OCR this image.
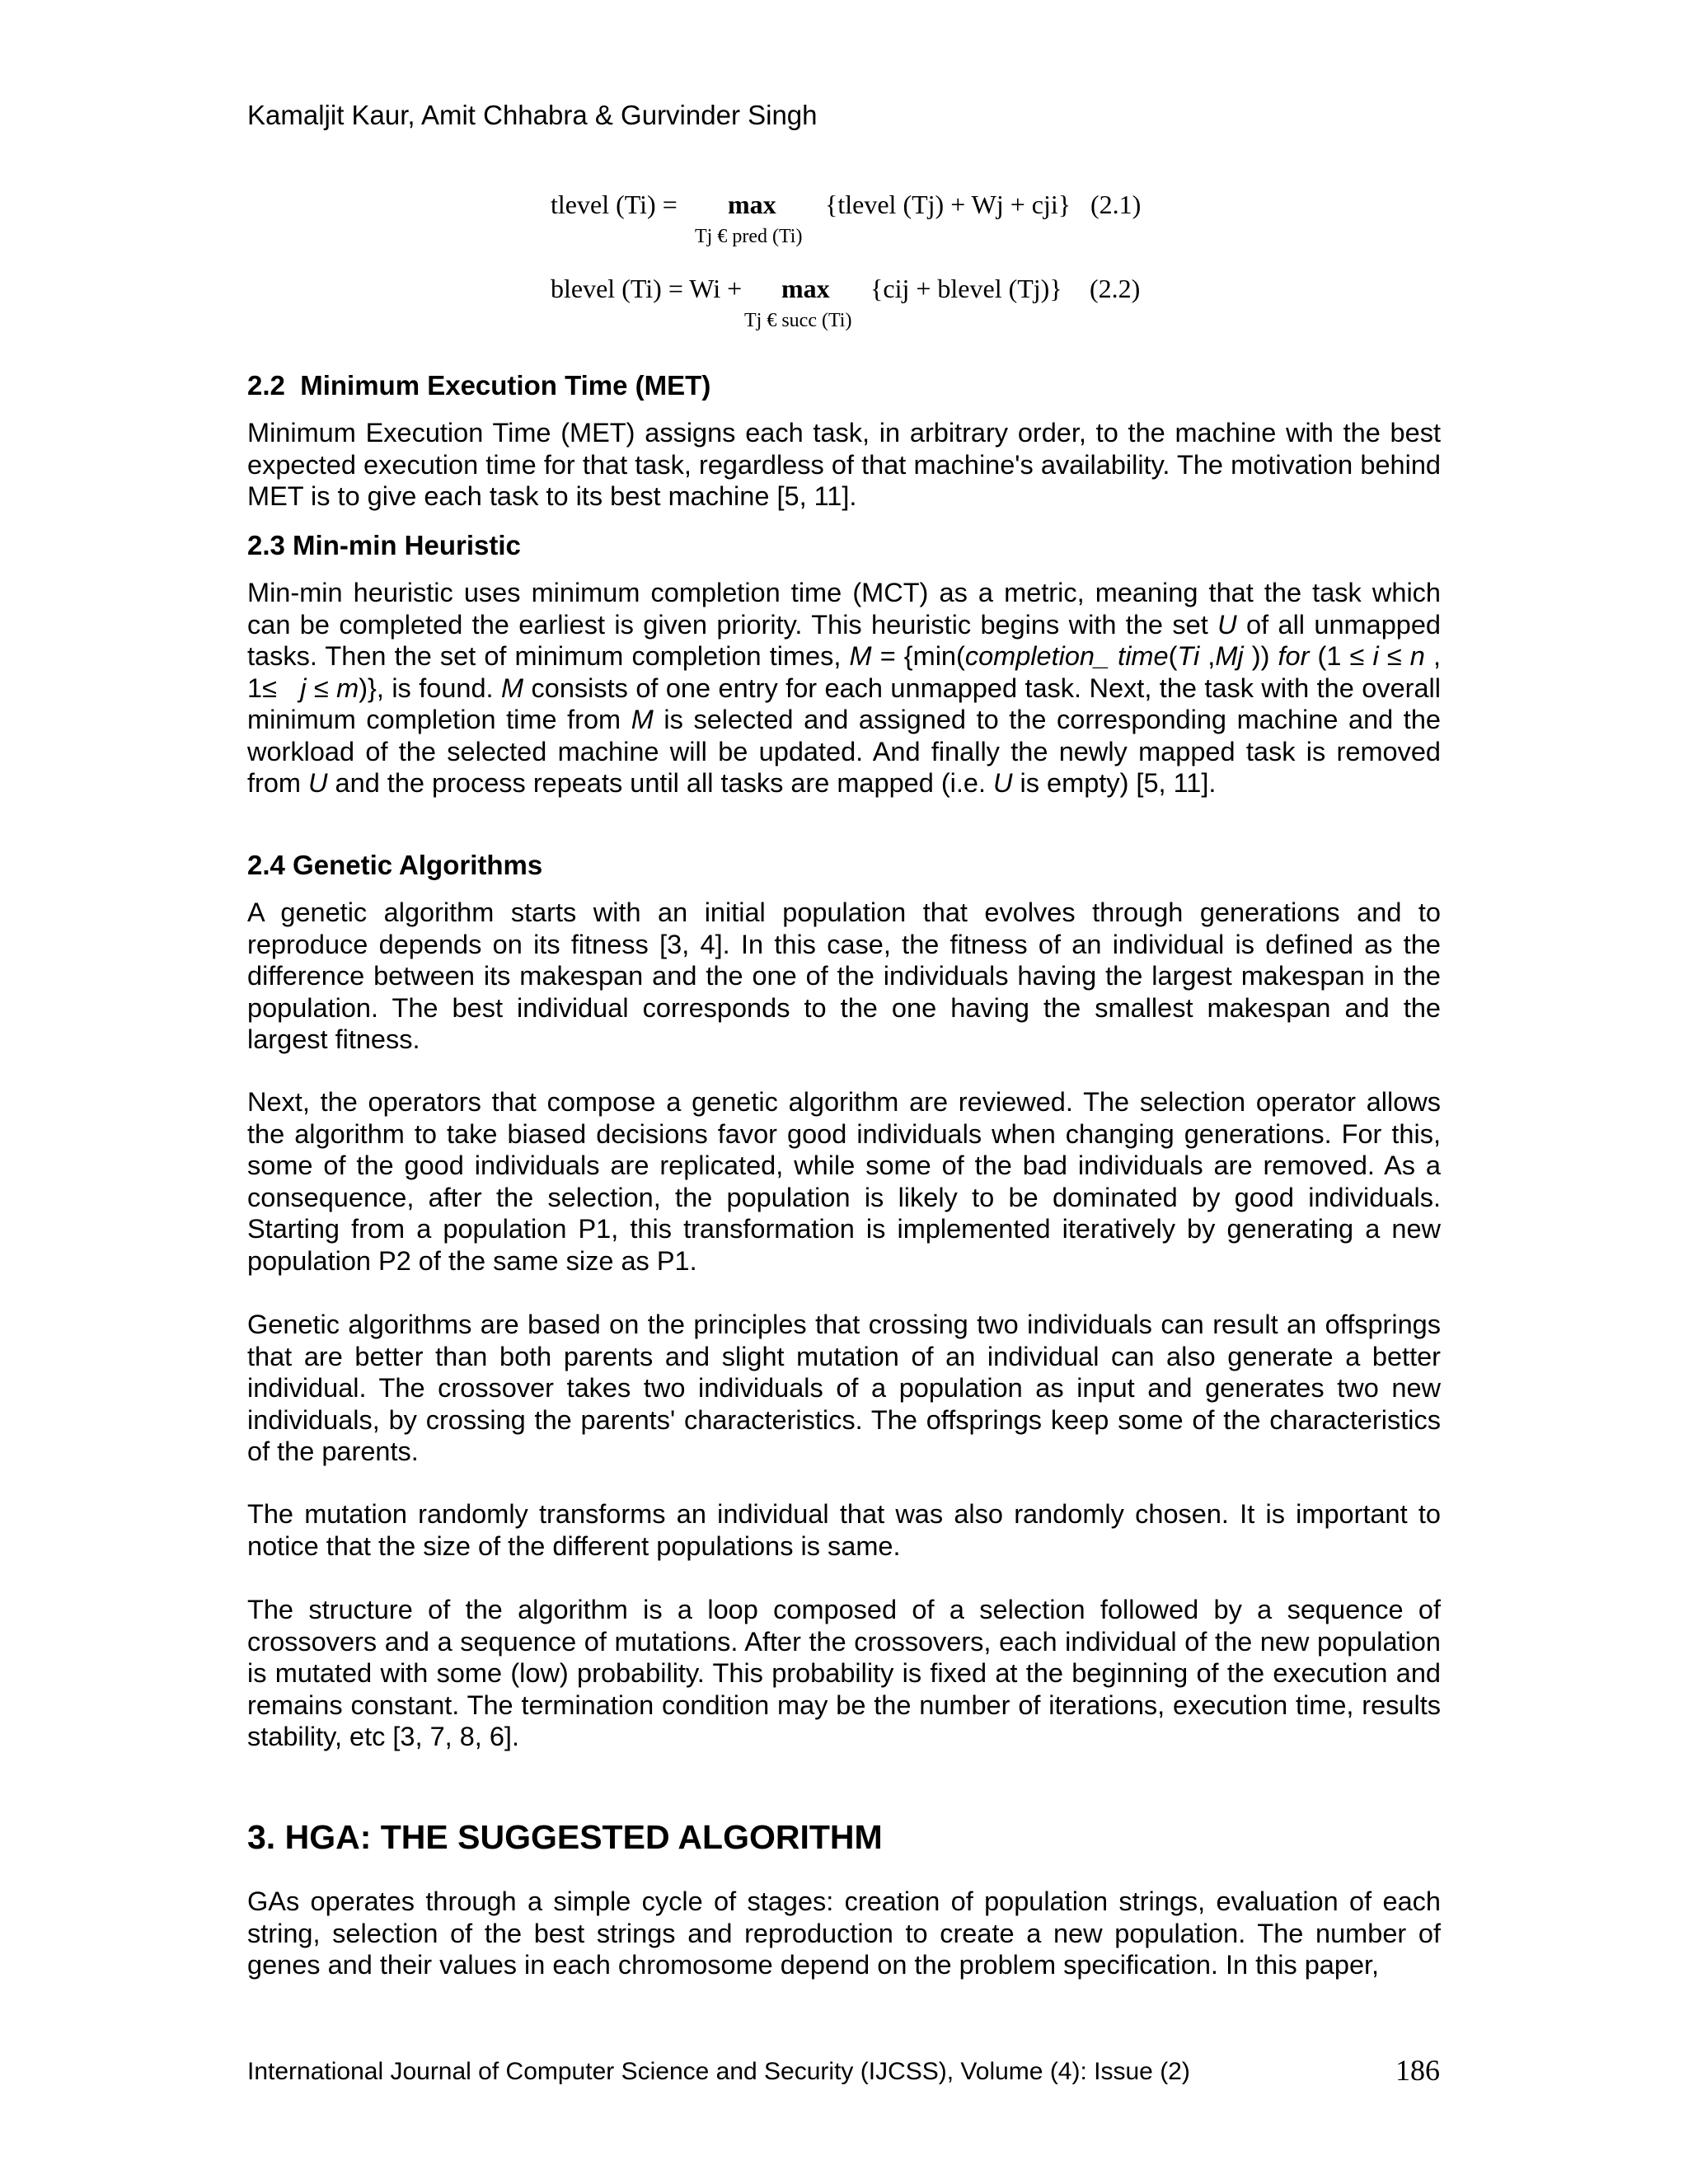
Kamaljit Kaur, Amit Chhabra & Gurvinder Singh
tlevel (Ti) = max {tlevel (Tj) + Wj + cji} (2.1)
Tj € pred (Ti)
blevel (Ti) = Wi + max {cij + blevel (Tj)} (2.2)
Tj € succ (Ti)
2.2  Minimum Execution Time (MET)

Minimum Execution Time (MET) assigns each task, in arbitrary order, to the machine with the best expected execution time for that task, regardless of that machine's availability. The motivation behind MET is to give each task to its best machine [5, 11].

2.3 Min-min Heuristic

Min-min heuristic uses minimum completion time (MCT) as a metric, meaning that the task which can be completed the earliest is given priority. This heuristic begins with the set U of all unmapped tasks. Then the set of minimum completion times, M = {min(completion_ time(Ti ,Mj )) for (1 ≤ i ≤ n , 1≤   j ≤ m)}, is found. M consists of one entry for each unmapped task. Next, the task with the overall minimum completion time from M is selected and assigned to the corresponding machine and the workload of the selected machine will be updated. And finally the newly mapped task is removed from U and the process repeats until all tasks are mapped (i.e. U is empty) [5, 11].

2.4 Genetic Algorithms

A genetic algorithm starts with an initial population that evolves through generations and to reproduce depends on its fitness [3, 4]. In this case, the fitness of an individual is defined as the difference between its makespan and the one of the individuals having the largest makespan in the population. The best individual corresponds to the one having the smallest makespan and the largest fitness.

Next, the operators that compose a genetic algorithm are reviewed. The selection operator allows the algorithm to take biased decisions favor good individuals when changing generations. For this, some of the good individuals are replicated, while some of the bad individuals are removed. As a consequence, after the selection, the population is likely to be dominated by good individuals. Starting from a population P1, this transformation is implemented iteratively by generating a new population P2 of the same size as P1.

Genetic algorithms are based on the principles that crossing two individuals can result an offsprings that are better than both parents and slight mutation of an individual can also generate a better individual. The crossover takes two individuals of a population as input and generates two new individuals, by crossing the parents' characteristics. The offsprings keep some of the characteristics of the parents.

The mutation randomly transforms an individual that was also randomly chosen. It is important to notice that the size of the different populations is same.

The structure of the algorithm is a loop composed of a selection followed by a sequence of crossovers and a sequence of mutations. After the crossovers, each individual of the new population is mutated with some (low) probability. This probability is fixed at the beginning of the execution and remains constant. The termination condition may be the number of iterations, execution time, results stability, etc [3, 7, 8, 6].

3. HGA: THE SUGGESTED ALGORITHM

GAs operates through a simple cycle of stages: creation of population strings, evaluation of each string, selection of the best strings and reproduction to create a new population. The number of genes and their values in each chromosome depend on the problem specification. In this paper,

International Journal of Computer Science and Security (IJCSS), Volume (4): Issue (2)	186
